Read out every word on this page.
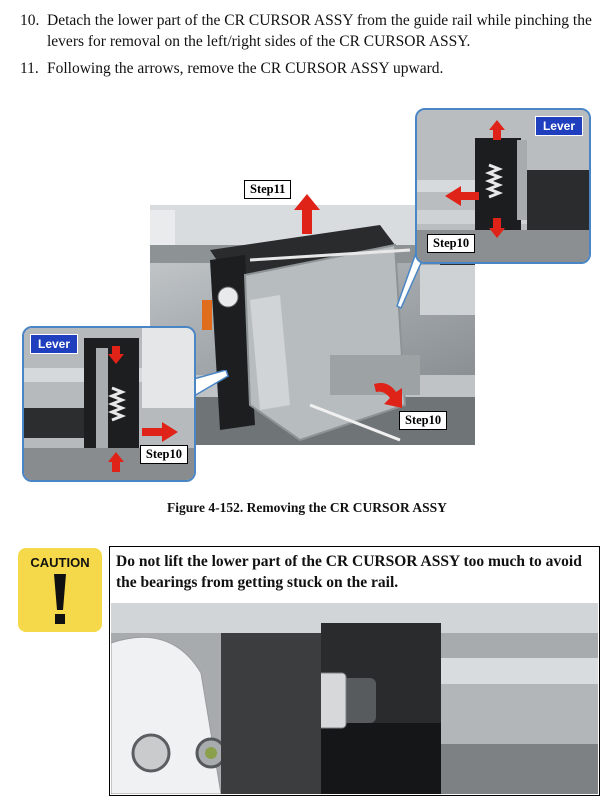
10. Detach the lower part of the CR CURSOR ASSY from the guide rail while pinching the levers for removal on the left/right sides of the CR CURSOR ASSY.
11. Following the arrows, remove the CR CURSOR ASSY upward.
Step11
Step10
Lever
Step10
Lever
Step10
Figure 4-152. Removing the CR CURSOR ASSY
CAUTION	Do not lift the lower part of the CR CURSOR ASSY too much to avoid the bearings from getting stuck on the rail.
